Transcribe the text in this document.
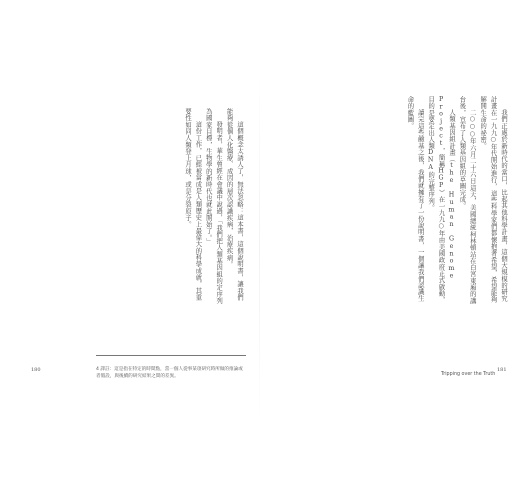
這個概念太誘人了，無法忽略：這本書，這個說明書，讓我們能夠從個人化醫療、成因的層次認識疾病，治療疾病。

發明者，華生曾經在會議中說過，「我們把人類基因組的定序列為國家目標，生物學的新時代也就此開始了。」

這份工作，已經被當成是人類歷史上最偉大的科學成就，其重要性如同人類登上月球，或是分裂原子。

4 譯註：這是指在特定的時間點，當一個人從事某項研究時所做的推論或者假設，與後續的研究結果之間的差異。
180

我們正處於新時代的當口，比起其他科學計畫，這個大規模的研究計畫在一九九○年代開始進行，這些科學家們都懷抱著希望，希望能夠解開生命的祕密。

二○○○年六月二十六日這天，美國總統柯林頓站在白宮東廂的講台後，宣布了人類基因組的草圖完成。

人類基因組計畫（the Human Genome Project，簡稱HGP）在一九九○年由美國政府正式啟動，目的是要定出人類DNA的完整序列。

讀完這些鹼基之後，我們就擁有了一份說明書，一個讓我們認識生命的藍圖。

181
Tripping over the Truth
